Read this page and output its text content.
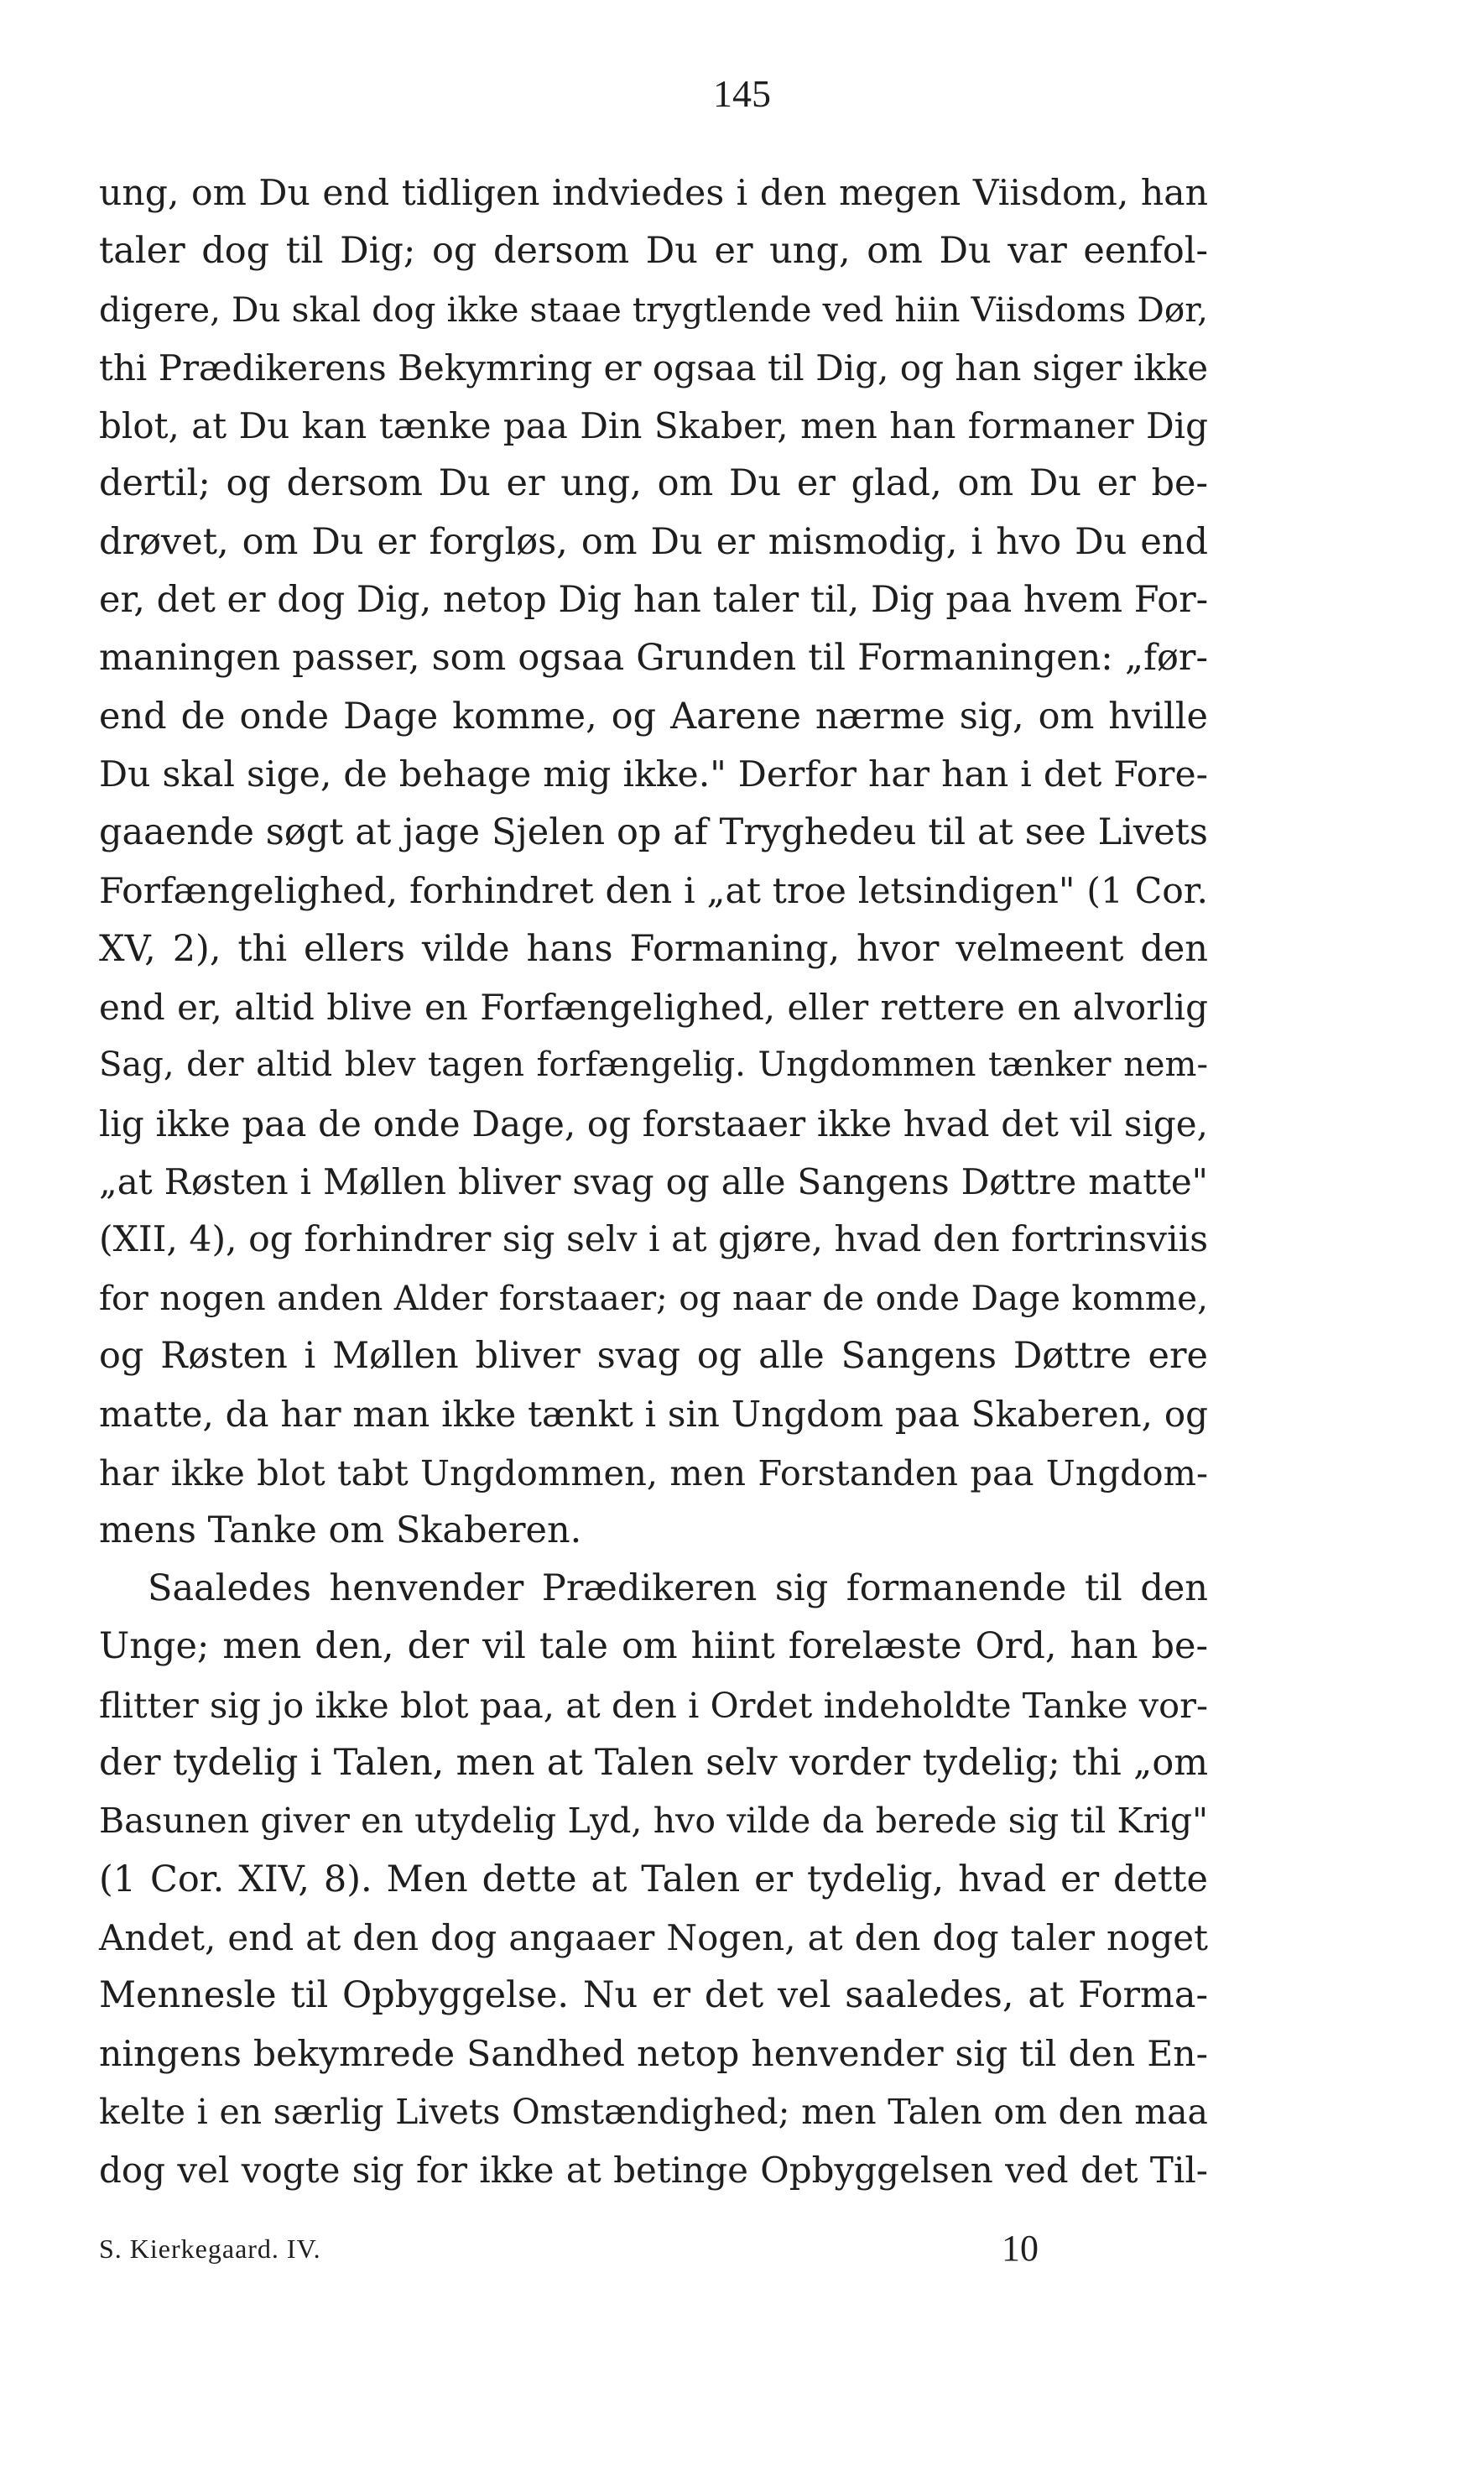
145
ung, om Du end tidligen indviedes i den megen Viisdom, han
taler dog til Dig; og dersom Du er ung, om Du var eenfol-
digere, Du skal dog ikke staae trygtlende ved hiin Viisdoms Dør,
thi Prædikerens Bekymring er ogsaa til Dig, og han siger ikke
blot, at Du kan tænke paa Din Skaber, men han formaner Dig
dertil; og dersom Du er ung, om Du er glad, om Du er be-
drøvet, om Du er forgløs, om Du er mismodig, i hvo Du end
er, det er dog Dig, netop Dig han taler til, Dig paa hvem For-
maningen passer, som ogsaa Grunden til Formaningen: „før-
end de onde Dage komme, og Aarene nærme sig, om hville
Du skal sige, de behage mig ikke." Derfor har han i det Fore-
gaaende søgt at jage Sjelen op af Tryghedeu til at see Livets
Forfængelighed, forhindret den i „at troe letsindigen" (1 Cor.
XV, 2), thi ellers vilde hans Formaning, hvor velmeent den
end er, altid blive en Forfængelighed, eller rettere en alvorlig
Sag, der altid blev tagen forfængelig. Ungdommen tænker nem-
lig ikke paa de onde Dage, og forstaaer ikke hvad det vil sige,
„at Røsten i Møllen bliver svag og alle Sangens Døttre matte"
(XII, 4), og forhindrer sig selv i at gjøre, hvad den fortrinsviis
for nogen anden Alder forstaaer; og naar de onde Dage komme,
og Røsten i Møllen bliver svag og alle Sangens Døttre ere
matte, da har man ikke tænkt i sin Ungdom paa Skaberen, og
har ikke blot tabt Ungdommen, men Forstanden paa Ungdom-
mens Tanke om Skaberen.
Saaledes henvender Prædikeren sig formanende til den
Unge; men den, der vil tale om hiint forelæste Ord, han be-
flitter sig jo ikke blot paa, at den i Ordet indeholdte Tanke vor-
der tydelig i Talen, men at Talen selv vorder tydelig; thi „om
Basunen giver en utydelig Lyd, hvo vilde da berede sig til Krig"
(1 Cor. XIV, 8). Men dette at Talen er tydelig, hvad er dette
Andet, end at den dog angaaer Nogen, at den dog taler noget
Mennesle til Opbyggelse. Nu er det vel saaledes, at Forma-
ningens bekymrede Sandhed netop henvender sig til den En-
kelte i en særlig Livets Omstændighed; men Talen om den maa
dog vel vogte sig for ikke at betinge Opbyggelsen ved det Til-
S. Kierkegaard. IV.	10
